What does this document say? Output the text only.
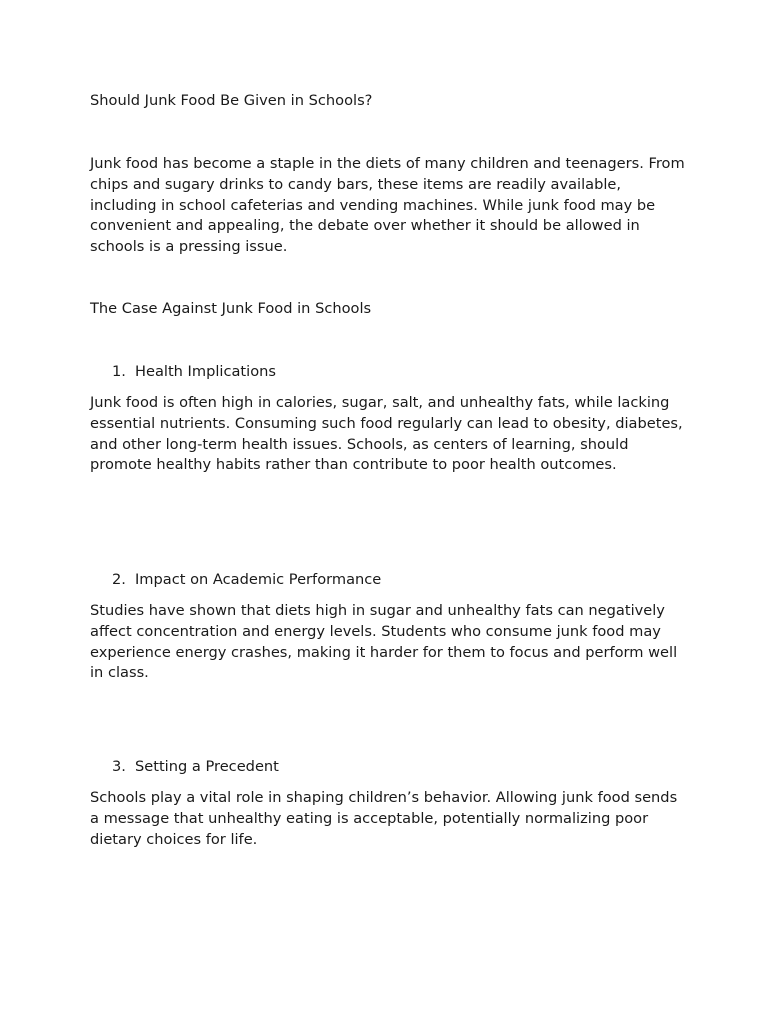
Should Junk Food Be Given in Schools?

Junk food has become a staple in the diets of many children and teenagers. From chips and sugary drinks to candy bars, these items are readily available, including in school cafeterias and vending machines. While junk food may be convenient and appealing, the debate over whether it should be allowed in schools is a pressing issue.

The Case Against Junk Food in Schools

1. Health Implications

Junk food is often high in calories, sugar, salt, and unhealthy fats, while lacking essential nutrients. Consuming such food regularly can lead to obesity, diabetes, and other long-term health issues. Schools, as centers of learning, should promote healthy habits rather than contribute to poor health outcomes.

2. Impact on Academic Performance

Studies have shown that diets high in sugar and unhealthy fats can negatively affect concentration and energy levels. Students who consume junk food may experience energy crashes, making it harder for them to focus and perform well in class.

3. Setting a Precedent

Schools play a vital role in shaping children’s behavior. Allowing junk food sends a message that unhealthy eating is acceptable, potentially normalizing poor dietary choices for life.
